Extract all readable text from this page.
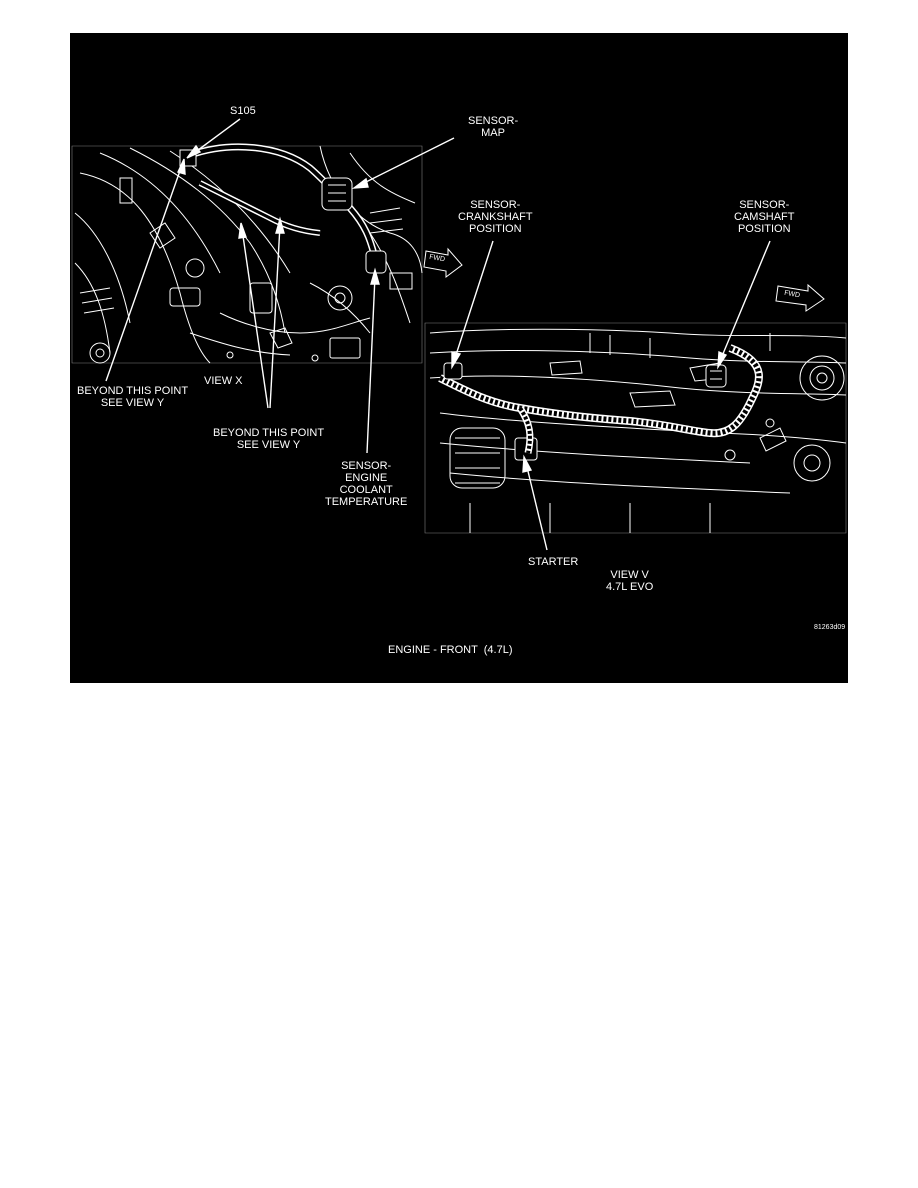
S105
SENSOR-
MAP
SENSOR-
CRANKSHAFT
POSITION
SENSOR-
CAMSHAFT
POSITION
BEYOND THIS POINT
SEE VIEW Y
VIEW X
BEYOND THIS POINT
SEE VIEW Y
SENSOR-
ENGINE
COOLANT
TEMPERATURE
STARTER
VIEW V
4.7L EVO
FWD
FWD
81263d09
ENGINE - FRONT  (4.7L)
